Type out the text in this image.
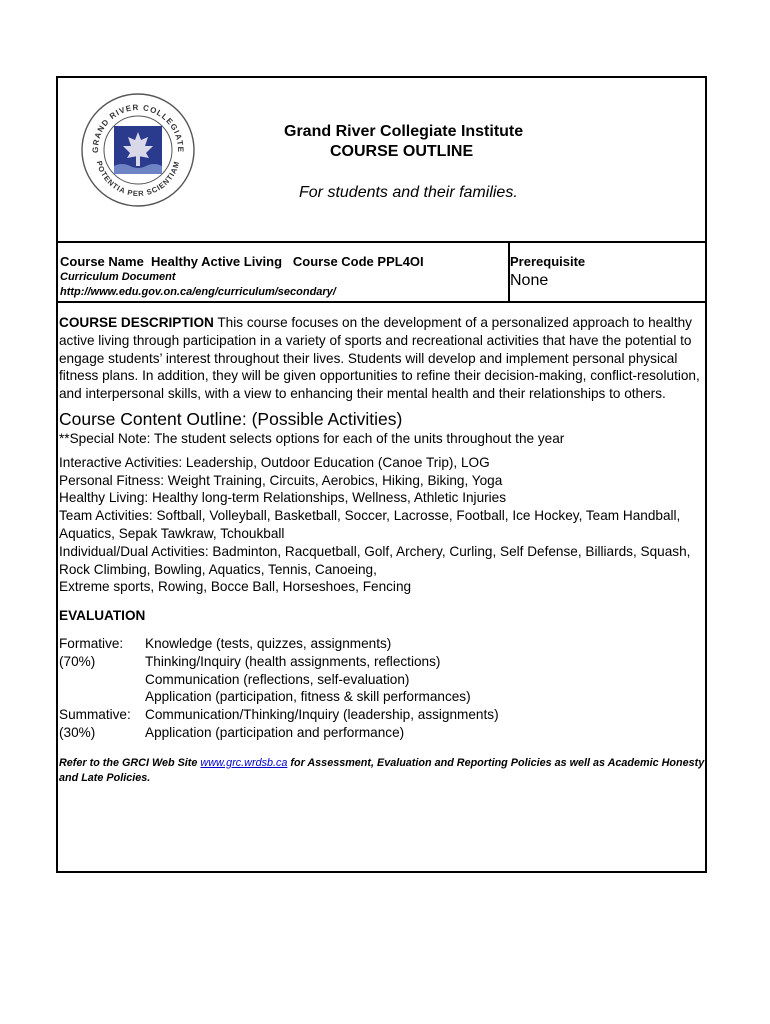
GRAND RIVER COLLEGIATE
POTENTIA PER SCIENTIAM
Grand River Collegiate Institute
COURSE OUTLINE
For students and their families.
Course Name Healthy Active Living Course Code PPL4OI
Curriculum Document
http://www.edu.gov.on.ca/eng/curriculum/secondary/
Prerequisite
None

COURSE DESCRIPTION This course focuses on the development of a personalized approach to healthy active living through participation in a variety of sports and recreational activities that have the potential to engage students’ interest throughout their lives. Students will develop and implement personal physical fitness plans. In addition, they will be given opportunities to refine their decision-making, conflict-resolution, and interpersonal skills, with a view to enhancing their mental health and their relationships to others.

Course Content Outline: (Possible Activities)

**Special Note: The student selects options for each of the units throughout the year

Interactive Activities: Leadership, Outdoor Education (Canoe Trip), LOG

Personal Fitness: Weight Training, Circuits, Aerobics, Hiking, Biking, Yoga

Healthy Living: Healthy long-term Relationships, Wellness, Athletic Injuries

Team Activities: Softball, Volleyball, Basketball, Soccer, Lacrosse, Football, Ice Hockey, Team Handball, Aquatics, Sepak Tawkraw, Tchoukball

Individual/Dual Activities: Badminton, Racquetball, Golf, Archery, Curling, Self Defense, Billiards, Squash, Rock Climbing, Bowling, Aquatics, Tennis, Canoeing,

Extreme sports, Rowing, Bocce Ball, Horseshoes, Fencing

EVALUATION

Formative:	Knowledge (tests, quizzes, assignments)
(70%)	Thinking/Inquiry (health assignments, reflections)
	Communication (reflections, self-evaluation)
	Application (participation, fitness & skill performances)
Summative:	Communication/Thinking/Inquiry (leadership, assignments)
(30%)	Application (participation and performance)

Refer to the GRCI Web Site www.grc.wrdsb.ca for Assessment, Evaluation and Reporting Policies as well as Academic Honesty and Late Policies.
